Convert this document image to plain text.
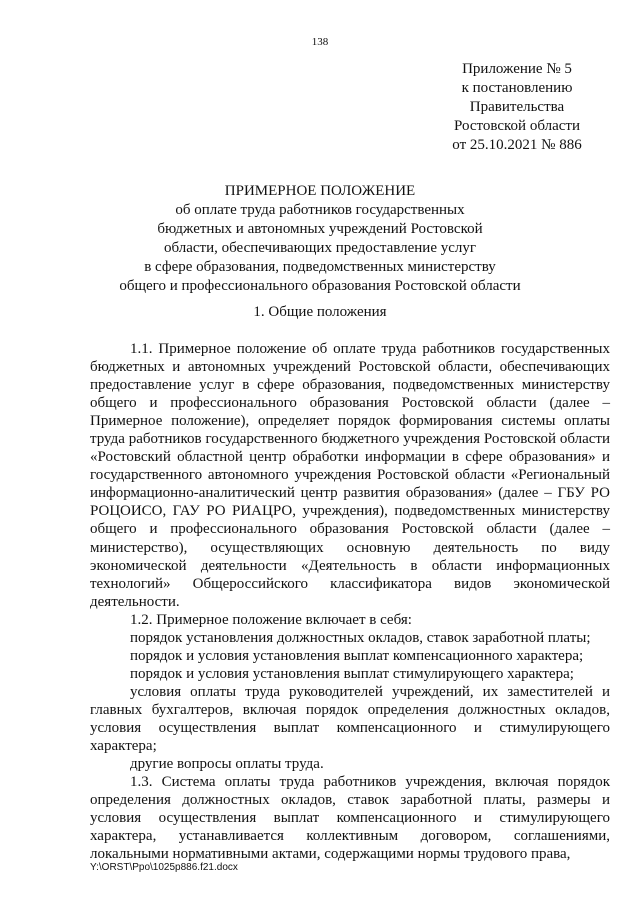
138
Приложение № 5
к постановлению
Правительства
Ростовской области
от 25.10.2021 № 886
ПРИМЕРНОЕ ПОЛОЖЕНИЕ
об оплате труда работников государственных
бюджетных и автономных учреждений Ростовской
области, обеспечивающих предоставление услуг
в сфере образования, подведомственных министерству
общего и профессионального образования Ростовской области
1. Общие положения

1.1. Примерное положение об оплате труда работников государственных бюджетных и автономных учреждений Ростовской области, обеспечивающих предоставление услуг в сфере образования, подведомственных министерству общего и профессионального образования Ростовской области (далее – Примерное положение), определяет порядок формирования системы оплаты труда работников государственного бюджетного учреждения Ростовской области «Ростовский областной центр обработки информации в сфере образования» и государственного автономного учреждения Ростовской области «Региональный информационно-аналитический центр развития образования» (далее – ГБУ РО РОЦОИСО, ГАУ РО РИАЦРО, учреждения), подведомственных министерству общего и профессионального образования Ростовской области (далее – министерство), осуществляющих основную деятельность по виду экономической деятельности «Деятельность в области информационных технологий» Общероссийского классификатора видов экономической деятельности.

1.2. Примерное положение включает в себя:

порядок установления должностных окладов, ставок заработной платы;

порядок и условия установления выплат компенсационного характера;

порядок и условия установления выплат стимулирующего характера;

условия оплаты труда руководителей учреждений, их заместителей и главных бухгалтеров, включая порядок определения должностных окладов, условия осуществления выплат компенсационного и стимулирующего характера;

другие вопросы оплаты труда.

1.3. Система оплаты труда работников учреждения, включая порядок определения должностных окладов, ставок заработной платы, размеры и условия осуществления выплат компенсационного и стимулирующего характера, устанавливается коллективным договором, соглашениями, локальными нормативными актами, содержащими нормы трудового права,

Y:\ORST\Ppo\1025p886.f21.docx
